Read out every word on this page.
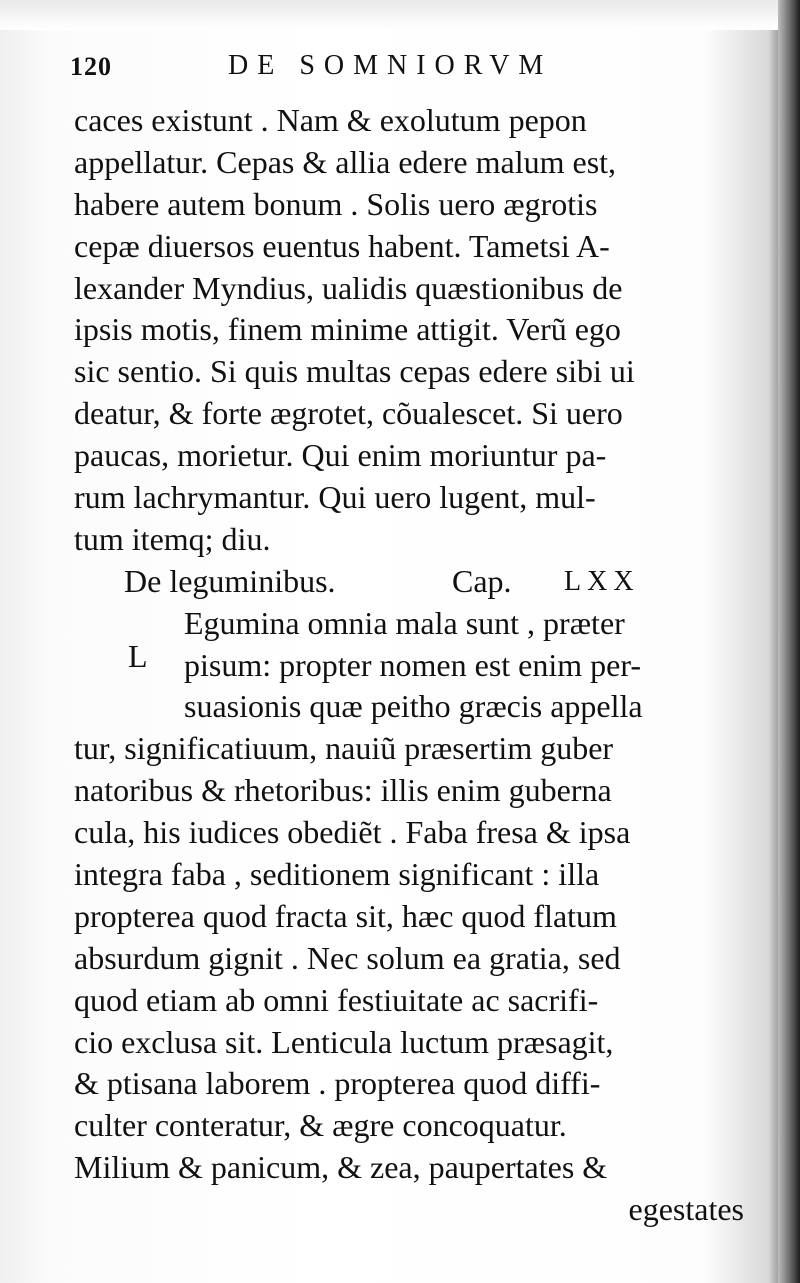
120	DE SOMNIORVM
caces existunt . Nam & exolutum pepon
appellatur. Cepas & allia edere malum est,
habere autem bonum . Solis uero ægrotis
cepæ diuersos euentus habent. Tametsi A-
lexander Myndius, ualidis quæstionibus de
ipsis motis, finem minime attigit. Verũ ego
sic sentio. Si quis multas cepas edere sibi ui
deatur, & forte ægrotet, cõualescet. Si uero
paucas, morietur. Qui enim moriuntur pa-
rum lachrymantur. Qui uero lugent, mul-
tum itemq; diu.
De leguminibus.	Cap. LXX
Egumina omnia mala sunt , præter
pisum: propter nomen est enim per-
suasionis quæ peitho græcis appella
tur, significatiuum, nauiũ præsertim guber
natoribus & rhetoribus: illis enim guberna
cula, his iudices obediẽt . Faba fresa & ipsa
integra faba , seditionem significant : illa
propterea quod fracta sit, hæc quod flatum
absurdum gignit . Nec solum ea gratia, sed
quod etiam ab omni festiuitate ac sacrifi-
cio exclusa sit. Lenticula luctum præsagit,
& ptisana laborem . propterea quod diffi-
culter conteratur, & ægre concoquatur.
Milium & panicum, & zea, paupertates &
egestates
L
